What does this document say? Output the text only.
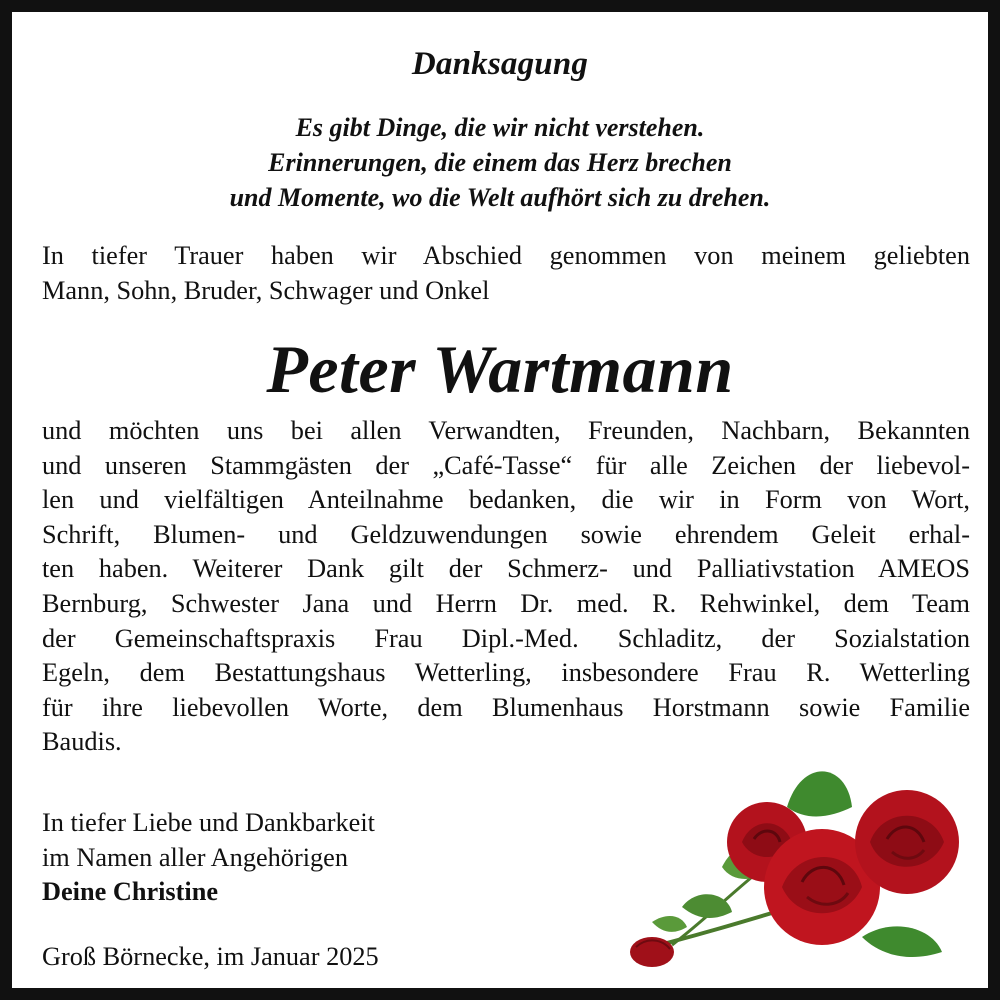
Danksagung
Es gibt Dinge, die wir nicht verstehen.
Erinnerungen, die einem das Herz brechen
und Momente, wo die Welt aufhört sich zu drehen.
In tiefer Trauer haben wir Abschied genommen von meinem geliebten
Mann, Sohn, Bruder, Schwager und Onkel
Peter Wartmann
und möchten uns bei allen Verwandten, Freunden, Nachbarn, Bekannten
und unseren Stammgästen der „Café-Tasse“ für alle Zeichen der liebevol-
len und vielfältigen Anteilnahme bedanken, die wir in Form von Wort,
Schrift, Blumen- und Geldzuwendungen sowie ehrendem Geleit erhal-
ten haben. Weiterer Dank gilt der Schmerz- und Palliativstation AMEOS
Bernburg, Schwester Jana und Herrn Dr. med. R. Rehwinkel, dem Team
der Gemeinschaftspraxis Frau Dipl.-Med. Schladitz, der Sozialstation
Egeln, dem Bestattungshaus Wetterling, insbesondere Frau R. Wetterling
für ihre liebevollen Worte, dem Blumenhaus Horstmann sowie Familie
Baudis.
In tiefer Liebe und Dankbarkeit
im Namen aller Angehörigen
Deine Christine
Groß Börnecke, im Januar 2025
